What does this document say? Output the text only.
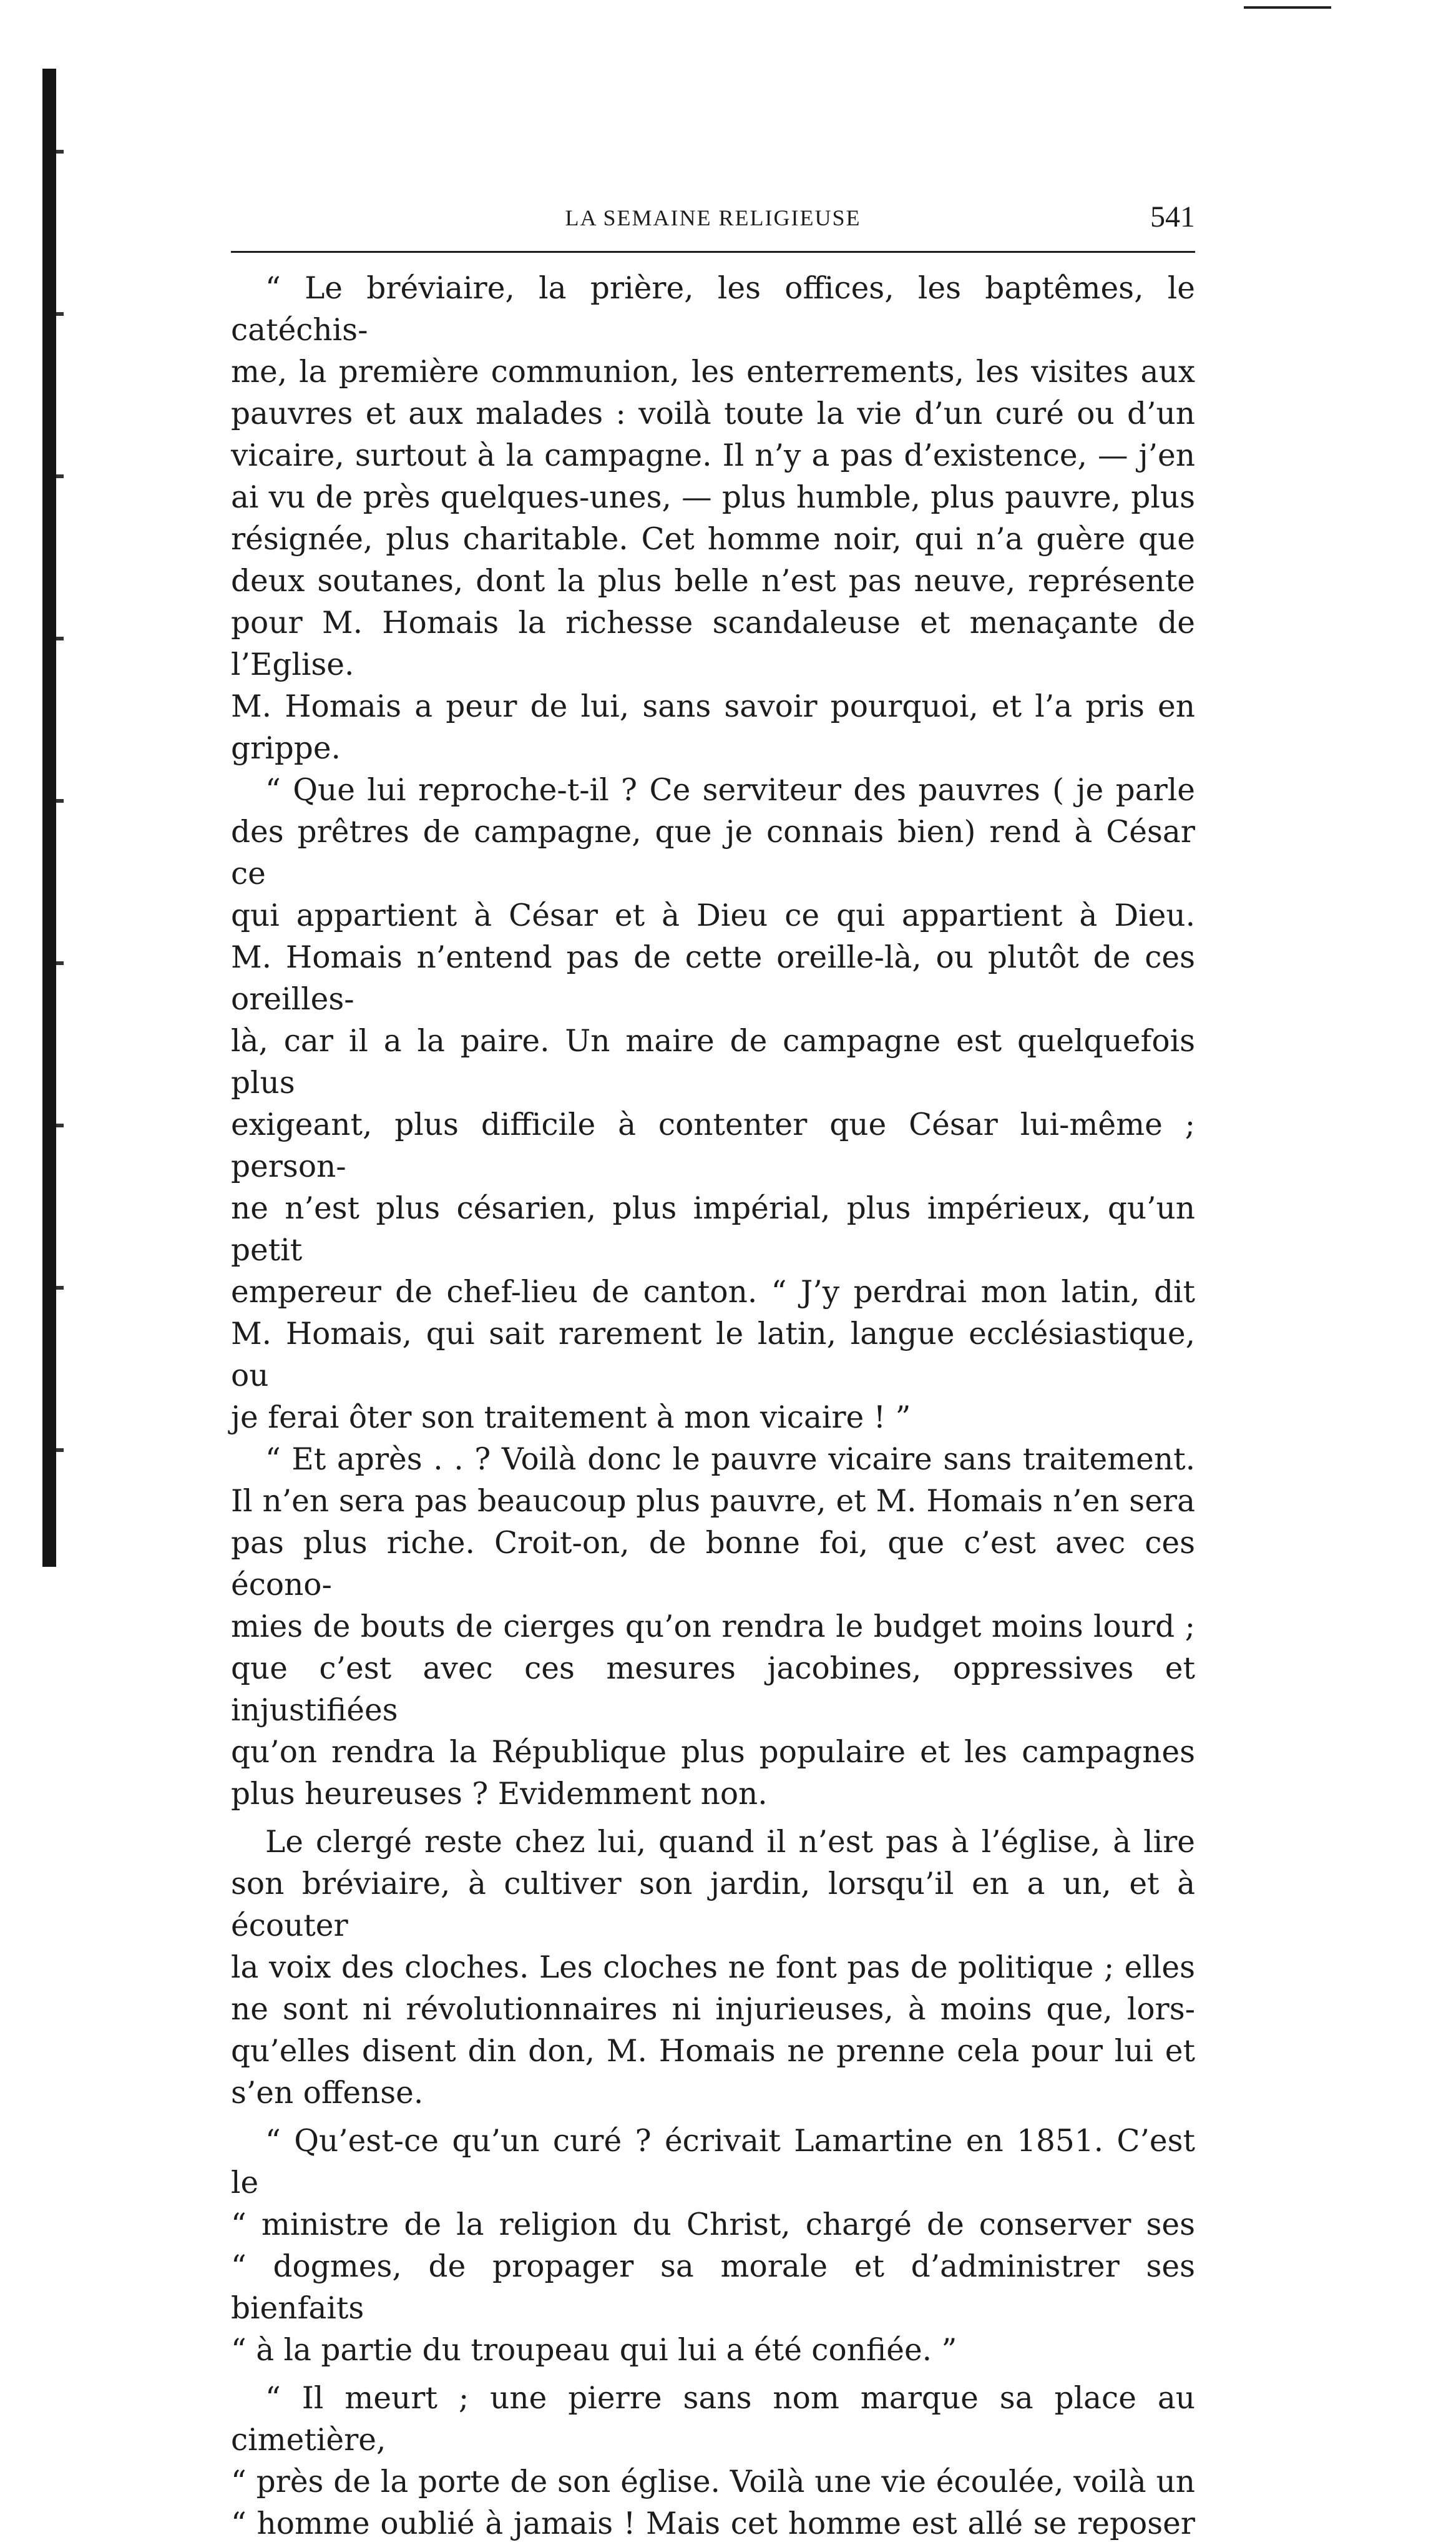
LA SEMAINE RELIGIEUSE	541

“ Le bréviaire, la prière, les offices, les baptêmes, le catéchis-

me, la première communion, les enterrements, les visites aux

pauvres et aux malades : voilà toute la vie d’un curé ou d’un

vicaire, surtout à la campagne. Il n’y a pas d’existence, — j’en

ai vu de près quelques-unes, — plus humble, plus pauvre, plus

résignée, plus charitable. Cet homme noir, qui n’a guère que

deux soutanes, dont la plus belle n’est pas neuve, représente

pour M. Homais la richesse scandaleuse et menaçante de l’Eglise.

M. Homais a peur de lui, sans savoir pourquoi, et l’a pris en

grippe.

“ Que lui reproche-t-il ? Ce serviteur des pauvres ( je parle

des prêtres de campagne, que je connais bien) rend à César ce

qui appartient à César et à Dieu ce qui appartient à Dieu.

M. Homais n’entend pas de cette oreille-là, ou plutôt de ces oreilles-

là, car il a la paire. Un maire de campagne est quelquefois plus

exigeant, plus difficile à contenter que César lui-même ; person-

ne n’est plus césarien, plus impérial, plus impérieux, qu’un petit

empereur de chef-lieu de canton. “ J’y perdrai mon latin, dit

M. Homais, qui sait rarement le latin, langue ecclésiastique, ou

je ferai ôter son traitement à mon vicaire ! ”

“ Et après . . ? Voilà donc le pauvre vicaire sans traitement.

Il n’en sera pas beaucoup plus pauvre, et M. Homais n’en sera

pas plus riche. Croit-on, de bonne foi, que c’est avec ces écono-

mies de bouts de cierges qu’on rendra le budget moins lourd ;

que c’est avec ces mesures jacobines, oppressives et injustifiées

qu’on rendra la République plus populaire et les campagnes

plus heureuses ? Evidemment non.

Le clergé reste chez lui, quand il n’est pas à l’église, à lire

son bréviaire, à cultiver son jardin, lorsqu’il en a un, et à écouter

la voix des cloches. Les cloches ne font pas de politique ; elles

ne sont ni révolutionnaires ni injurieuses, à moins que, lors-

qu’elles disent din don, M. Homais ne prenne cela pour lui et

s’en offense.

“ Qu’est-ce qu’un curé ? écrivait Lamartine en 1851. C’est le

“ ministre de la religion du Christ, chargé de conserver ses

“ dogmes, de propager sa morale et d’administrer ses bienfaits

“ à la partie du troupeau qui lui a été confiée. ”

“ Il meurt ; une pierre sans nom marque sa place au cimetière,

“ près de la porte de son église. Voilà une vie écoulée, voilà un

“ homme oublié à jamais ! Mais cet homme est allé se reposer
